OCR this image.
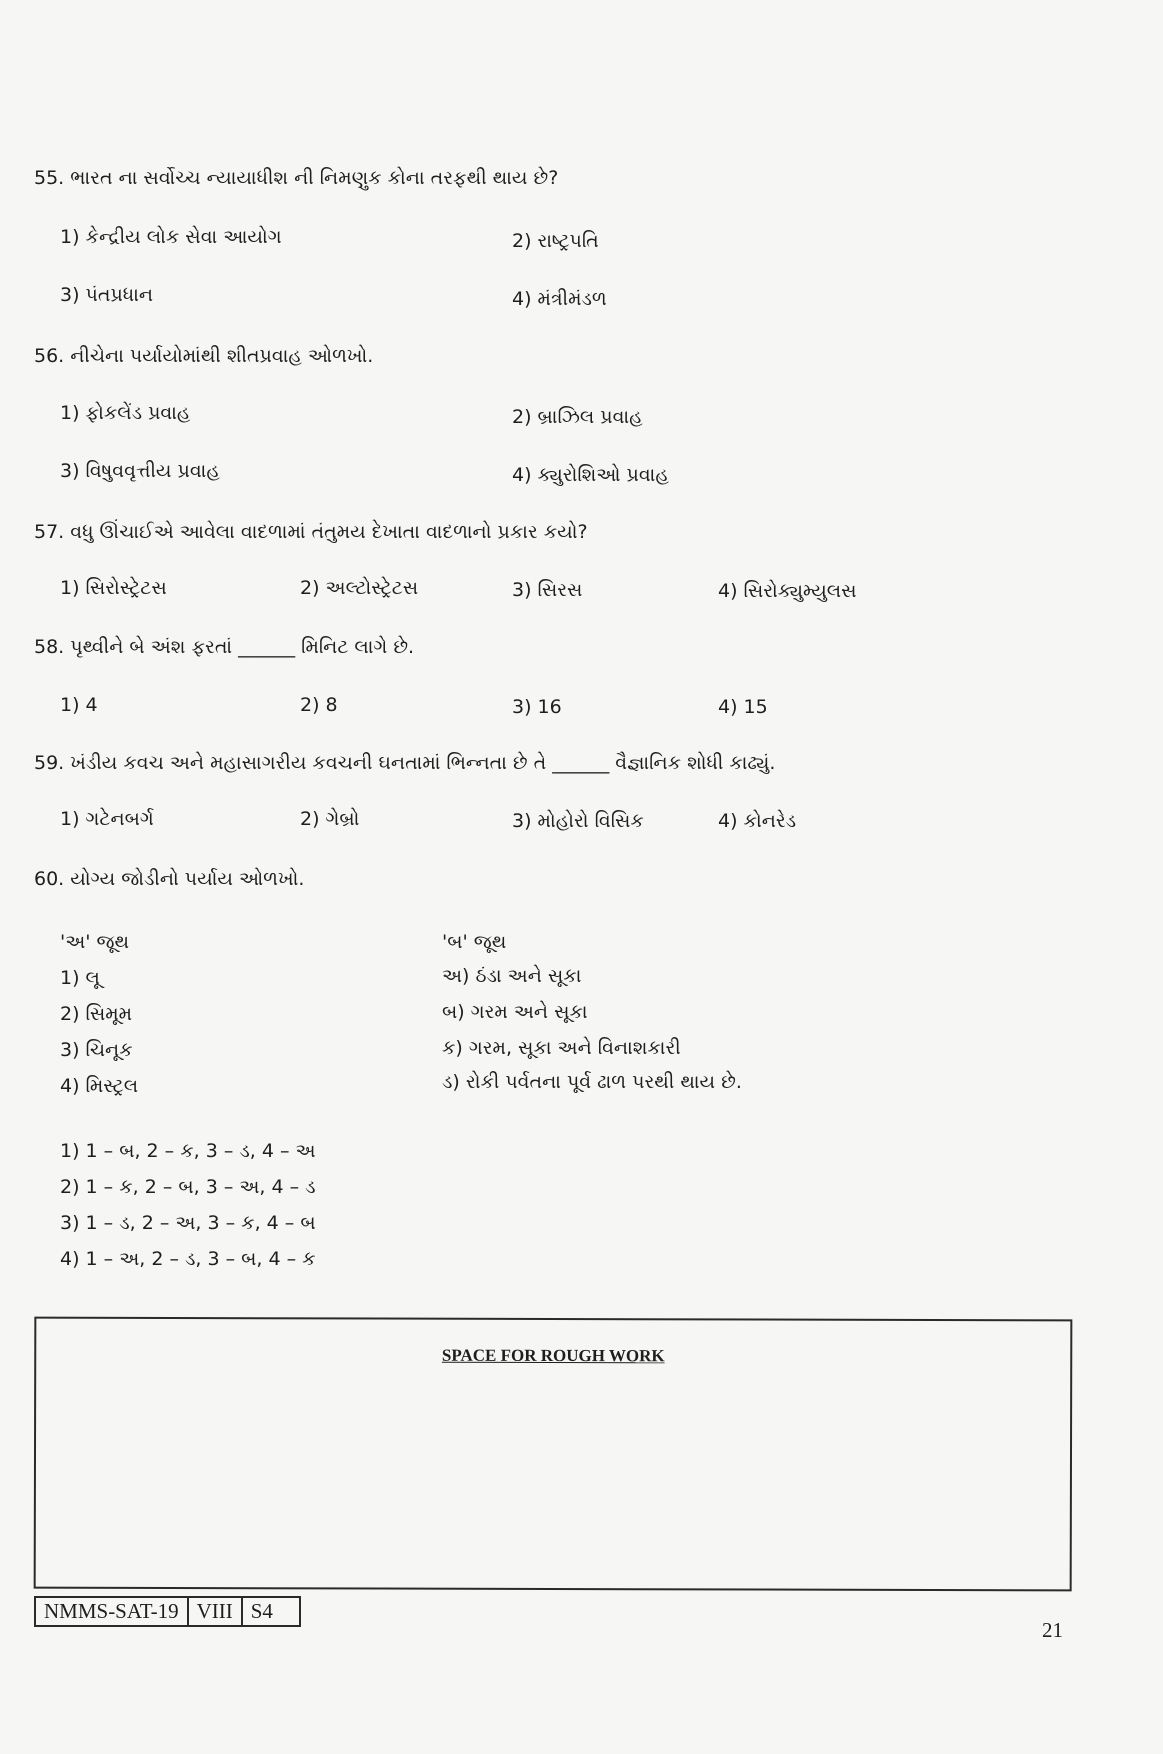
55. ભારત ના સર્વોચ્ચ ન્યાયાધીશ ની નિમણુક કોના તરફથી થાય છે?
1) કેન્દ્રીય લોક સેવા આયોગ	2) રાષ્ટ્રપતિ
3) પંતપ્રધાન	4) મંત્રીમંડળ
56. નીચેના પર્યાયોમાંથી શીતપ્રવાહ ઓળખો.
1) ફોકલેંડ પ્રવાહ	2) બ્રાઝિલ પ્રવાહ
3) વિષુવવૃત્તીય પ્રવાહ	4) ક્યુરોશિઓ પ્રવાહ
57. વધુ ઊંચાઈએ આવેલા વાદળામાં તંતુમય દેખાતા વાદળાનો પ્રકાર કયો?
1) સિરોસ્ટ્રેટસ	2) અલ્ટોસ્ટ્રેટસ	3) સિરસ	4) સિરોક્યુમ્યુલસ
58. પૃથ્વીને બે અંશ ફરતાં ______ મિનિટ લાગે છે.
1) 4	2) 8	3) 16	4) 15
59. ખંડીય કવચ અને મહાસાગરીય કવચની ઘનતામાં ભિન્નતા છે તે ______ વૈજ્ઞાનિક શોધી કાઢ્યું.
1) ગટેનબર્ગ	2) ગેબ્રો	3) મોહોરો વિસિક	4) કોનરેડ
60. યોગ્ય જોડીનો પર્યાય ઓળખો.
'અ' જૂથ	'બ' જૂથ
1) લૂ	અ) ઠંડા અને સૂકા
2) સિમૂમ	બ) ગરમ અને સૂકા
3) ચિનૂક	ક) ગરમ, સૂકા અને વિનાશકારી
4) મિસ્ટ્રલ	ડ) રોકી પર્વતના પૂર્વ ઢાળ પરથી થાય છે.
1) 1 – બ, 2 – ક, 3 – ડ, 4 – અ
2) 1 – ક, 2 – બ, 3 – અ, 4 – ડ
3) 1 – ડ, 2 – અ, 3 – ક, 4 – બ
4) 1 – અ, 2 – ડ, 3 – બ, 4 – ક
SPACE FOR ROUGH WORK
NMMS-SAT-19 VIII S4
21
